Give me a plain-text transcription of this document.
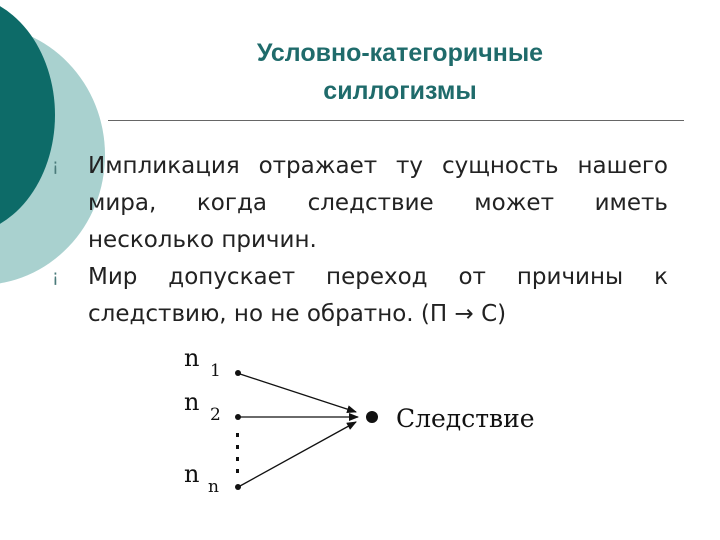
Условно-категоричные
силлогизмы
¡ Импликация отражает ту сущность нашего мира, когда следствие может иметь несколько причин.
¡ Мир допускает переход от причины к следствию, но не обратно. (П → С)
n 1
n 2
n n
Следствие
